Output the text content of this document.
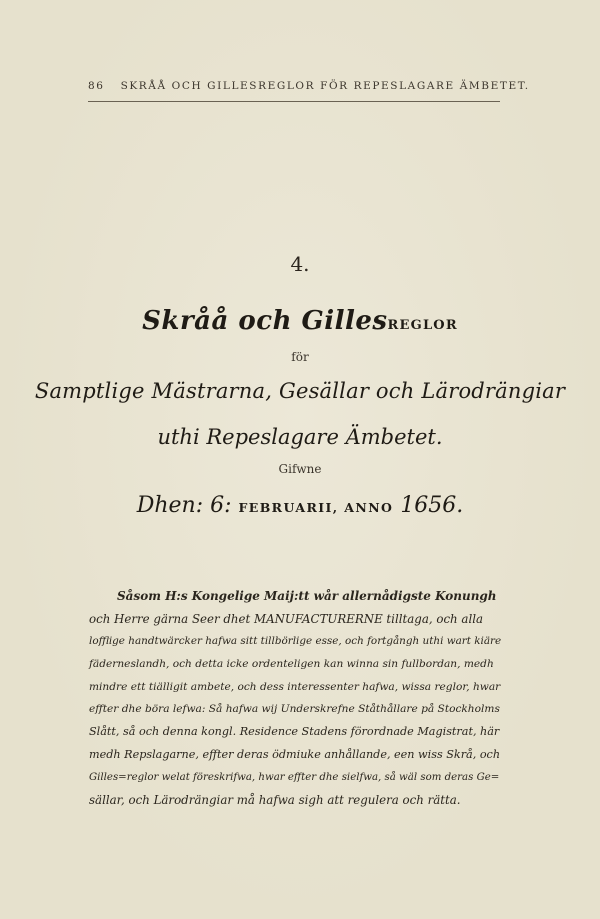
86 SKRÅÅ OCH GILLESREGLOR FÖR REPESLAGARE ÄMBETET.
4.
Skråå och GillesREGLOR
för
Samptlige Mästrarna, Gesällar och Lärodrängiar
uthi Repeslagare Ämbetet.
Gifwne
Dhen: 6: FEBRUARII, ANNO 1656.
Såsom H:s Kongelige Maij:tt wår allernådigste Konungh
och Herre gärna Seer dhet MANUFACTURERNE tilltaga, och alla
lofflige handtwärcker hafwa sitt tillbörlige esse, och fortgångh uthi wart kiäre
fäderneslandh, och detta icke ordenteligen kan winna sin fullbordan, medh
mindre ett tiälligit ambete, och dess interessenter hafwa, wissa reglor, hwar
effter dhe böra lefwa: Så hafwa wij Underskrefne Ståthållare på Stockholms
Slått, så och denna kongl. Residence Stadens förordnade Magistrat, här
medh Repslagarne, effter deras ödmiuke anhållande, een wiss Skrå, och
Gilles=reglor welat föreskrifwa, hwar effter dhe sielfwa, så wäl som deras Ge=
sällar, och Lärodrängiar må hafwa sigh att regulera och rätta.
